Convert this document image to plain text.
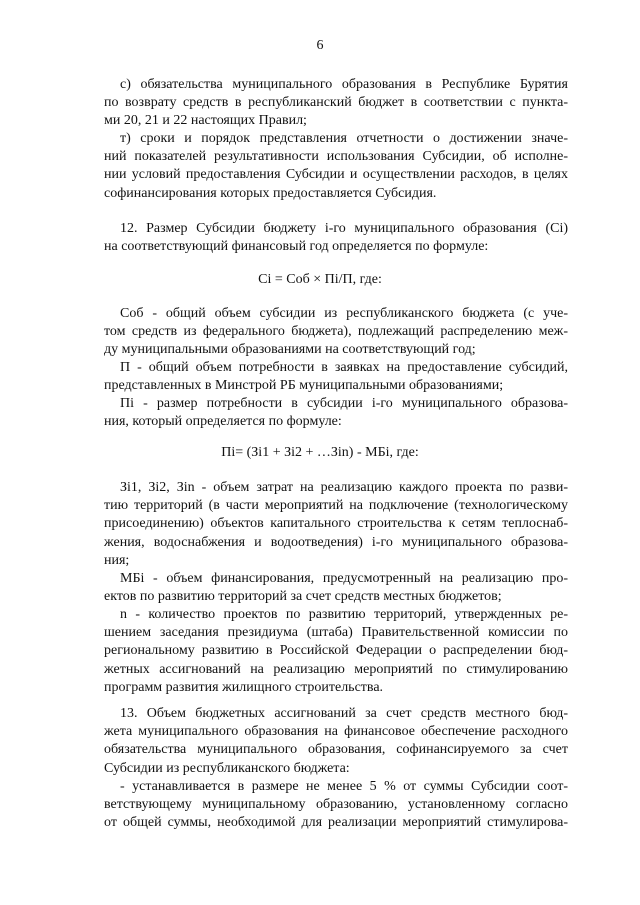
6
с) обязательства муниципального образования в Республике Бурятия
по возврату средств в республиканский бюджет в соответствии с пункта-
ми 20, 21 и 22 настоящих Правил;
т) сроки и порядок представления отчетности о достижении значе-
ний показателей результативности использования Субсидии, об исполне-
нии условий предоставления Субсидии и осуществлении расходов, в целях
софинансирования которых предоставляется Субсидия.
12. Размер Субсидии бюджету i-го муниципального образования (Ci)
на соответствующий финансовый год определяется по формуле:
Ci = Соб × Пi/П, где:
Соб - общий объем субсидии из республиканского бюджета (с уче-
том средств из федерального бюджета), подлежащий распределению меж-
ду муниципальными образованиями на соответствующий год;
П - общий объем потребности в заявках на предоставление субсидий,
представленных в Минстрой РБ муниципальными образованиями;
Пi - размер потребности в субсидии i-го муниципального образова-
ния, который определяется по формуле:
Пi= (Зi1 + Зi2 + …Зin) - МБi, где:
Зi1, Зi2, Зin - объем затрат на реализацию каждого проекта по разви-
тию территорий (в части мероприятий на подключение (технологическому
присоединению) объектов капитального строительства к сетям теплоснаб-
жения, водоснабжения и водоотведения) i-го муниципального образова-
ния;
МБi - объем финансирования, предусмотренный на реализацию про-
ектов по развитию территорий за счет средств местных бюджетов;
n - количество проектов по развитию территорий, утвержденных ре-
шением заседания президиума (штаба) Правительственной комиссии по
региональному развитию в Российской Федерации о распределении бюд-
жетных ассигнований на реализацию мероприятий по стимулированию
программ развития жилищного строительства.
13. Объем бюджетных ассигнований за счет средств местного бюд-
жета муниципального образования на финансовое обеспечение расходного
обязательства муниципального образования, софинансируемого за счет
Субсидии из республиканского бюджета:
- устанавливается в размере не менее 5 % от суммы Субсидии соот-
ветствующему муниципальному образованию, установленному согласно
от общей суммы, необходимой для реализации мероприятий стимулирова-
